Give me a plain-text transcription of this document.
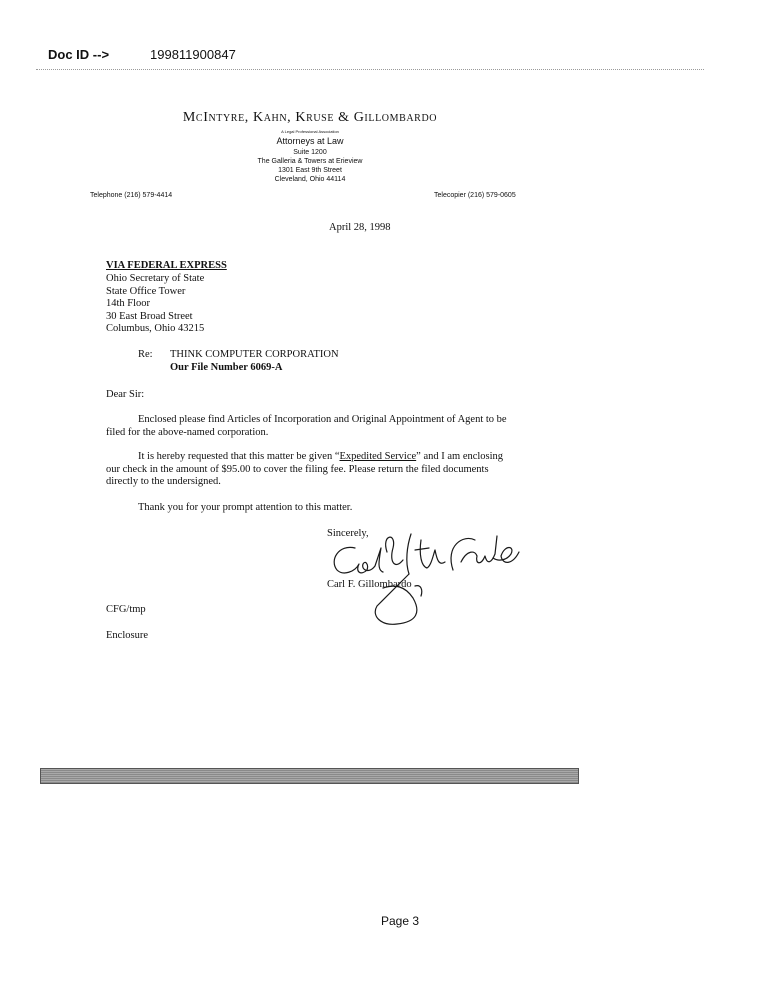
Doc ID -->	199811900847
McIntyre, Kahn, Kruse & Gillombardo
A Legal Professional Association
Attorneys at Law
Suite 1200
The Galleria & Towers at Erieview
1301 East 9th Street
Cleveland, Ohio 44114
Telephone (216) 579-4414	Telecopier (216) 579-0605
April 28, 1998
VIA FEDERAL EXPRESS
Ohio Secretary of State
State Office Tower
14th Floor
30 East Broad Street
Columbus, Ohio 43215
Re: THINK COMPUTER CORPORATION
Our File Number 6069-A
Dear Sir:
Enclosed please find Articles of Incorporation and Original Appointment of Agent to be
filed for the above-named corporation.
It is hereby requested that this matter be given “Expedited Service” and I am enclosing
our check in the amount of $95.00 to cover the filing fee. Please return the filed documents
directly to the undersigned.
Thank you for your prompt attention to this matter.
Sincerely,
Carl F. Gillombardo
CFG/tmp
Enclosure
Page 3
